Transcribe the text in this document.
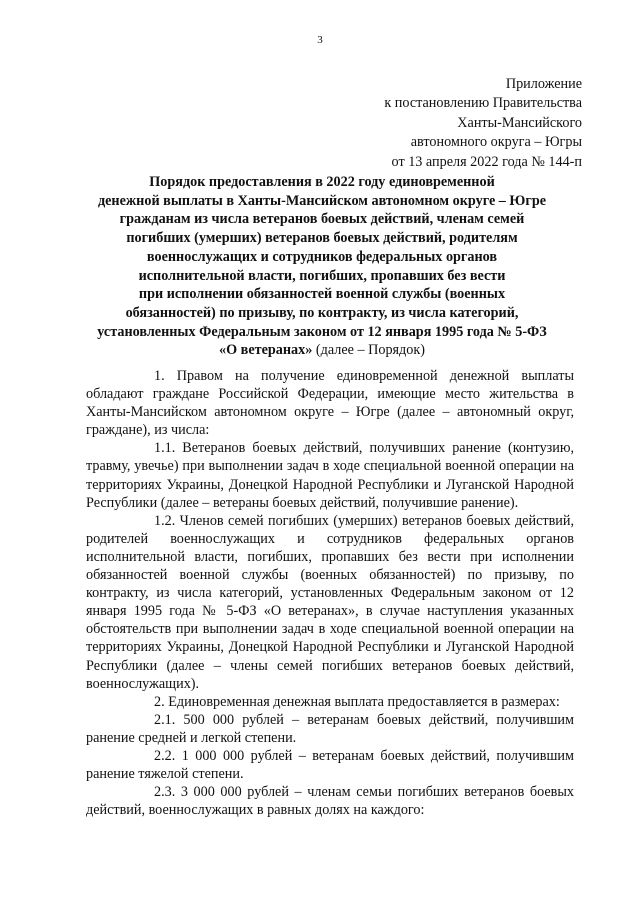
3
Приложение
к постановлению Правительства
Ханты-Мансийского
автономного округа – Югры
от 13 апреля 2022 года № 144-п
Порядок предоставления в 2022 году единовременной
денежной выплаты в Ханты-Мансийском автономном округе – Югре
гражданам из числа ветеранов боевых действий, членам семей
погибших (умерших) ветеранов боевых действий, родителям
военнослужащих и сотрудников федеральных органов
исполнительной власти, погибших, пропавших без вести
при исполнении обязанностей военной службы (военных
обязанностей) по призыву, по контракту, из числа категорий,
установленных Федеральным законом от 12 января 1995 года № 5-ФЗ
«О ветеранах» (далее – Порядок)

1. Правом на получение единовременной денежной выплаты обладают граждане Российской Федерации, имеющие место жительства в Ханты-Мансийском автономном округе – Югре (далее – автономный округ, граждане), из числа:

1.1. Ветеранов боевых действий, получивших ранение (контузию, травму, увечье) при выполнении задач в ходе специальной военной операции на территориях Украины, Донецкой Народной Республики и Луганской Народной Республики (далее – ветераны боевых действий, получившие ранение).

1.2. Членов семей погибших (умерших) ветеранов боевых действий, родителей военнослужащих и сотрудников федеральных органов исполнительной власти, погибших, пропавших без вести при исполнении обязанностей военной службы (военных обязанностей) по призыву, по контракту, из числа категорий, установленных Федеральным законом от 12 января 1995 года № 5-ФЗ «О ветеранах», в случае наступления указанных обстоятельств при выполнении задач в ходе специальной военной операции на территориях Украины, Донецкой Народной Республики и Луганской Народной Республики (далее – члены семей погибших ветеранов боевых действий, военнослужащих).

2. Единовременная денежная выплата предоставляется в размерах:

2.1. 500 000 рублей – ветеранам боевых действий, получившим ранение средней и легкой степени.

2.2. 1 000 000 рублей – ветеранам боевых действий, получившим ранение тяжелой степени.

2.3. 3 000 000 рублей – членам семьи погибших ветеранов боевых действий, военнослужащих в равных долях на каждого:
